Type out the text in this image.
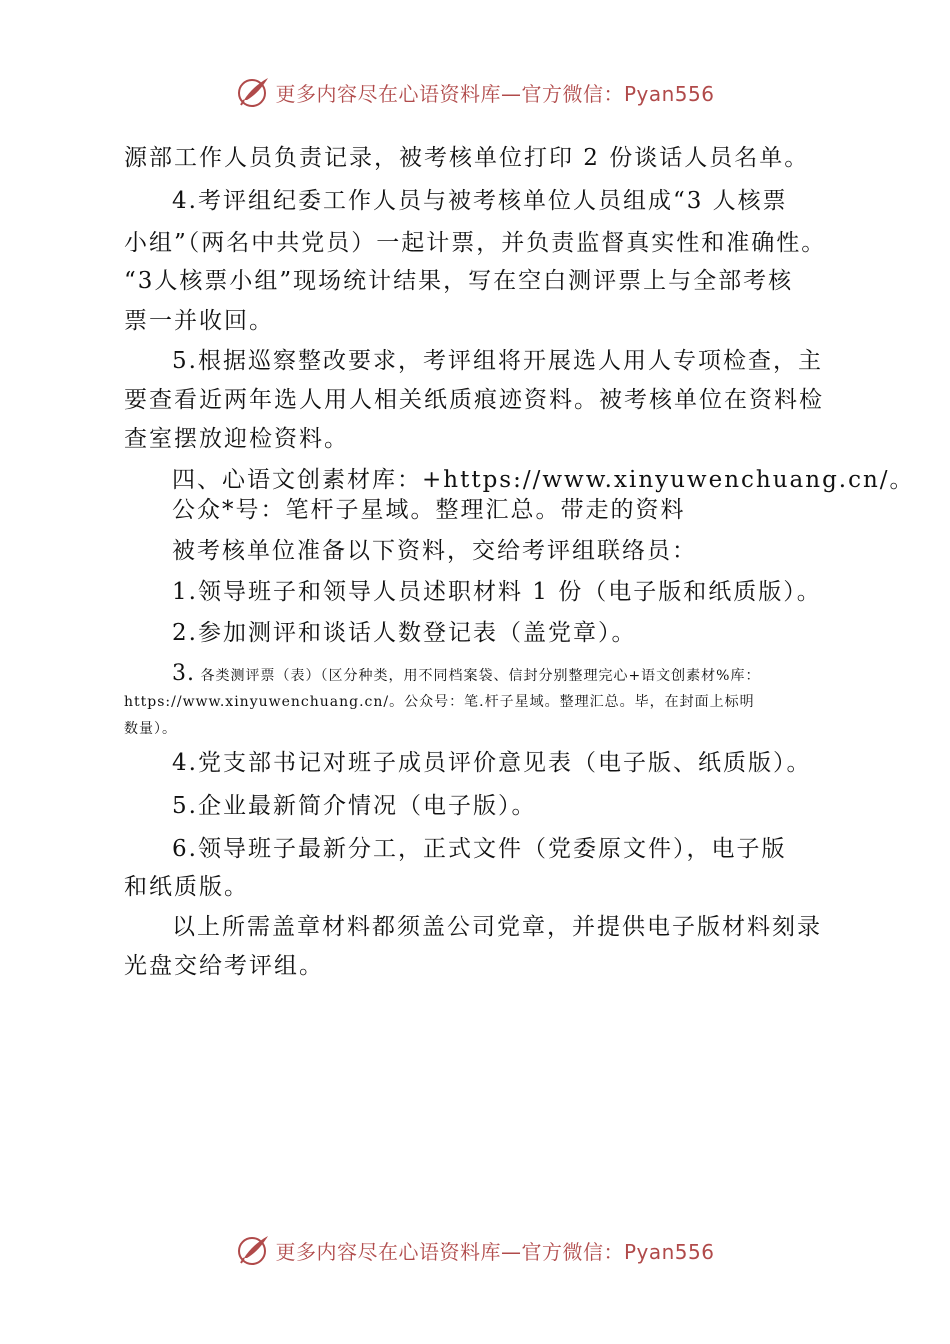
更多内容尽在心语资料库—官方微信：Pyan556
源部工作人员负责记录，被考核单位打印 2 份谈话人员名单。
4.考评组纪委工作人员与被考核单位人员组成“3 人核票
小组”（两名中共党员）一起计票，并负责监督真实性和准确性。
“3人核票小组”现场统计结果，写在空白测评票上与全部考核
票一并收回。
5.根据巡察整改要求，考评组将开展选人用人专项检查，主
要查看近两年选人用人相关纸质痕迹资料。被考核单位在资料检
查室摆放迎检资料。
四、心语文创素材库：+https://www.xinyuwenchuang.cn/。
公众*号：笔杆子星域。整理汇总。带走的资料
被考核单位准备以下资料，交给考评组联络员：
1.领导班子和领导人员述职材料 1 份（电子版和纸质版）。
2.参加测评和谈话人数登记表（盖党章）。
3. 各类测评票（表）（区分种类，用不同档案袋、信封分别整理完心+语文创素材%库：
https://www.xinyuwenchuang.cn/。公众号：笔.杆子星域。整理汇总。毕，在封面上标明
数量）。
4.党支部书记对班子成员评价意见表（电子版、纸质版）。
5.企业最新简介情况（电子版）。
6.领导班子最新分工，正式文件（党委原文件），电子版
和纸质版。
以上所需盖章材料都须盖公司党章，并提供电子版材料刻录
光盘交给考评组。
更多内容尽在心语资料库—官方微信：Pyan556
